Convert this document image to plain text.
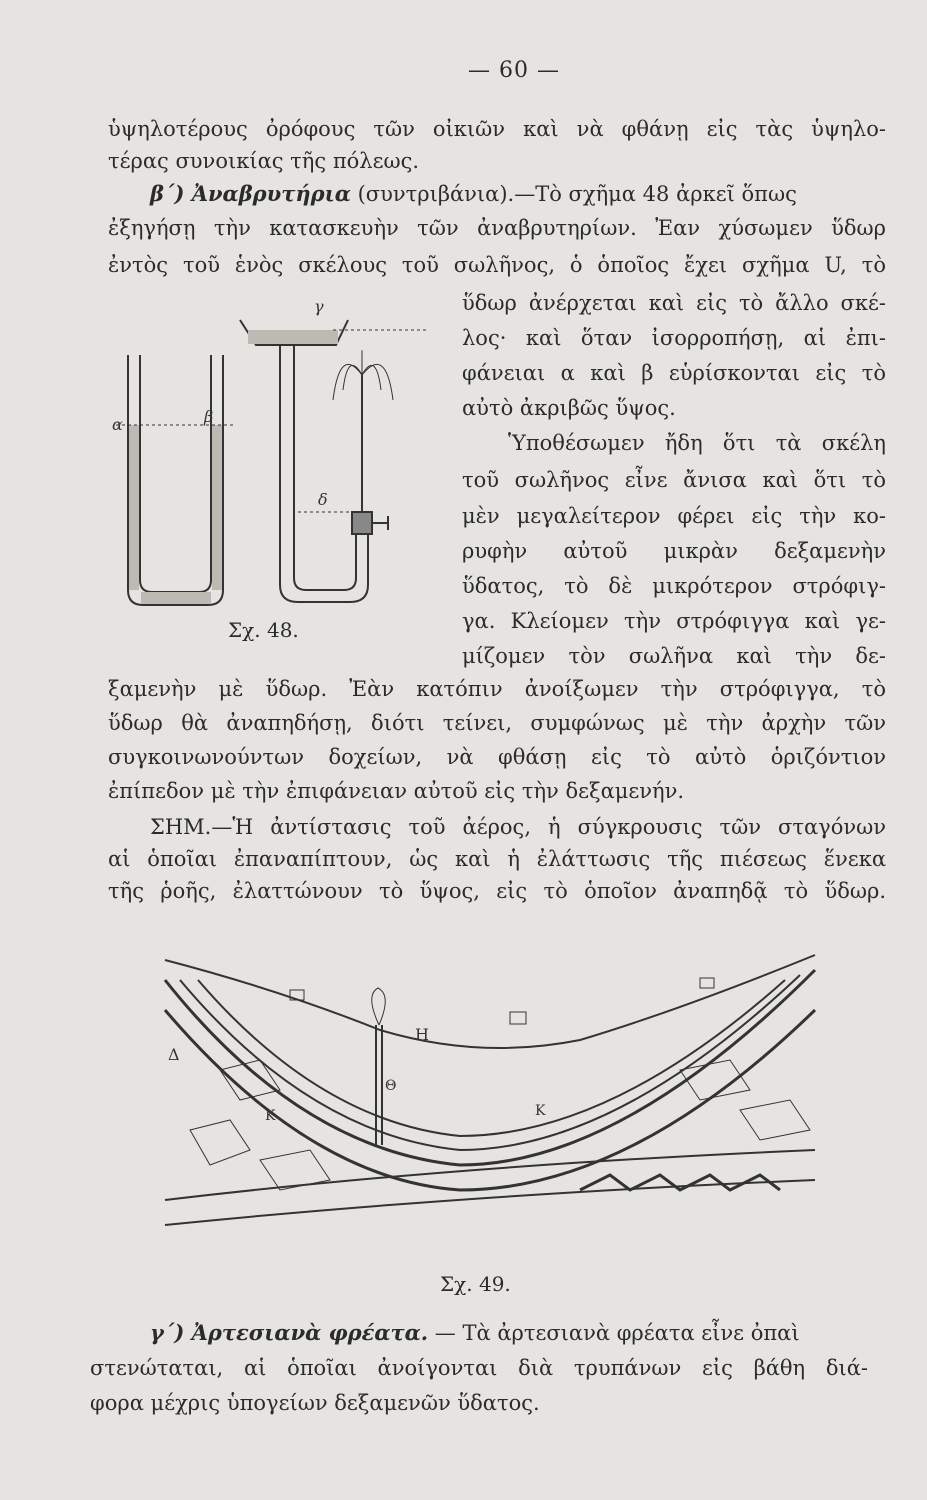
— 60 —
ὑψηλοτέρους ὀρόφους τῶν οἰκιῶν καὶ νὰ φθάνῃ εἰς τὰς ὑψηλο-
τέρας συνοικίας τῆς πόλεως.
β΄) Ἀναβρυτήρια (συντριβάνια).—Τὸ σχῆμα 48 ἀρκεῖ ὅπως
ἐξηγήσῃ τὴν κατασκευὴν τῶν ἀναβρυτηρίων. Ἐαν χύσωμεν ὕδωρ
ἐντὸς τοῦ ἑνὸς σκέλους τοῦ σωλῆνος, ὁ ὁποῖος ἔχει σχῆμα U, τὸ
ὕδωρ ἀνέρχεται καὶ εἰς τὸ ἄλλο σκέ-
λος· καὶ ὅταν ἰσορροπήσῃ, αἱ ἐπι-
φάνειαι α καὶ β εὑρίσκονται εἰς τὸ
αὐτὸ ἀκριβῶς ὕψος.
Ὑποθέσωμεν ἤδη ὅτι τὰ σκέλη
τοῦ σωλῆνος εἶνε ἄνισα καὶ ὅτι τὸ
μὲν μεγαλείτερον φέρει εἰς τὴν κο-
ρυφὴν αὐτοῦ μικρὰν δεξαμενὴν
ὕδατος, τὸ δὲ μικρότερον στρόφιγ-
γα. Κλείομεν τὴν στρόφιγγα καὶ γε-
μίζομεν τὸν σωλῆνα καὶ τὴν δε-
α	β
γ
δ
Σχ. 48.
ξαμενὴν μὲ ὕδωρ. Ἐὰν κατόπιν ἀνοίξωμεν τὴν στρόφιγγα, τὸ
ὕδωρ θὰ ἀναπηδήσῃ, διότι τείνει, συμφώνως μὲ τὴν ἀρχὴν τῶν
συγκοινωνούντων δοχείων, νὰ φθάσῃ εἰς τὸ αὐτὸ ὁριζόντιον
ἐπίπεδον μὲ τὴν ἐπιφάνειαν αὐτοῦ εἰς τὴν δεξαμενήν.
ΣΗΜ.—Ἡ ἀντίστασις τοῦ ἀέρος, ἡ σύγκρουσις τῶν σταγόνων
αἱ ὁποῖαι ἐπαναπίπτουν, ὡς καὶ ἡ ἐλάττωσις τῆς πιέσεως ἕνεκα
τῆς ῥοῆς, ἐλαττώνουν τὸ ὕψος, εἰς τὸ ὁποῖον ἀναπηδᾷ τὸ ὕδωρ.
Δ
Η
Κ	Κ
Θ
Σχ. 49.
γ΄) Ἀρτεσιανὰ φρέατα. — Τὰ ἀρτεσιανὰ φρέατα εἶνε ὀπαὶ
στενώταται, αἱ ὁποῖαι ἀνοίγονται διὰ τρυπάνων εἰς βάθη διά-
φορα μέχρις ὑπογείων δεξαμενῶν ὕδατος.
